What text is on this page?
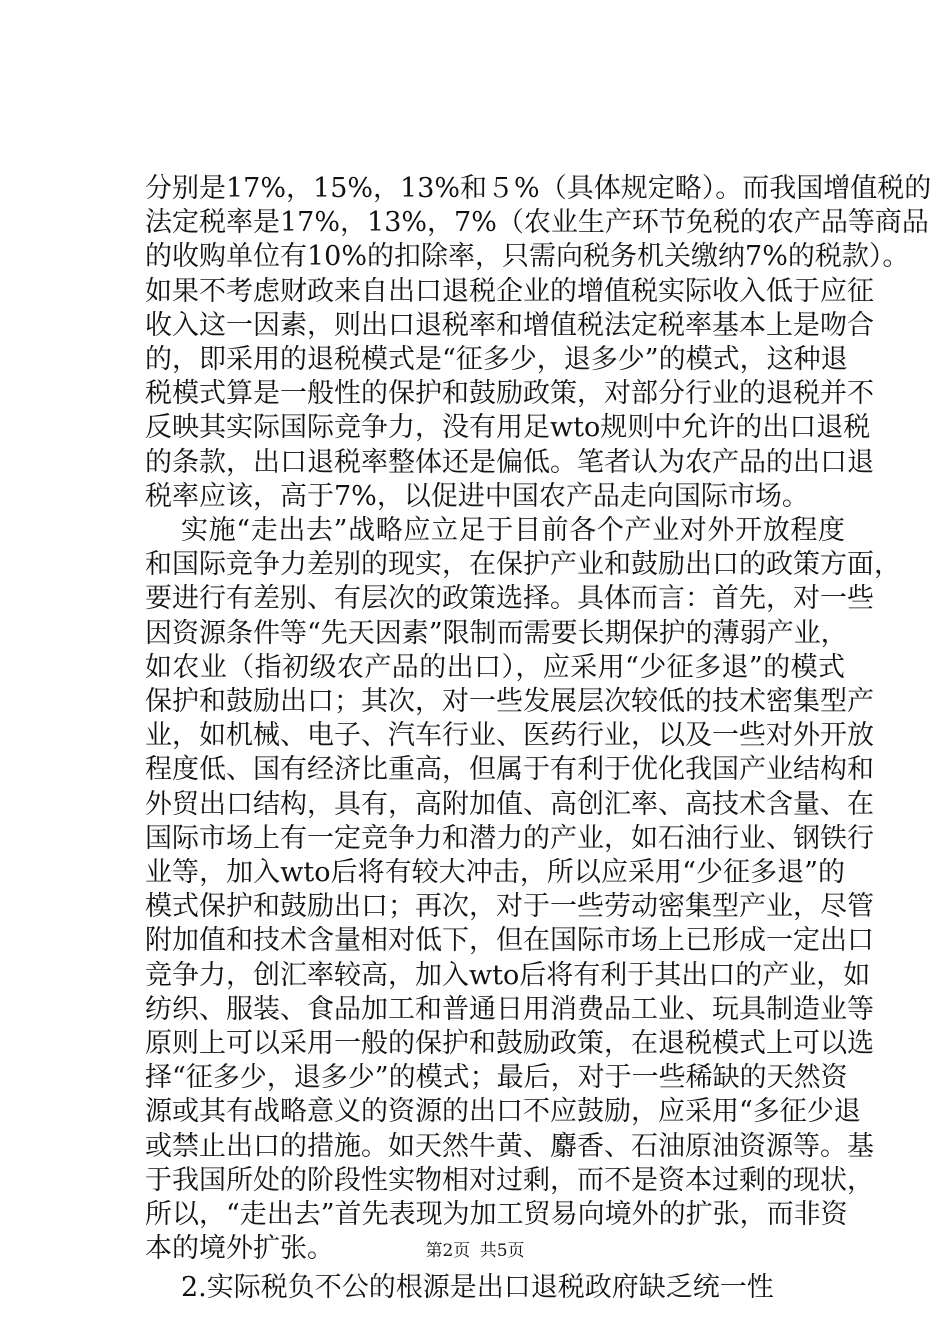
分别是17%，15%，13%和５%（具体规定略）。而我国增值税的
法定税率是17%，13%，7%（农业生产环节免税的农产品等商品
的收购单位有10%的扣除率，只需向税务机关缴纳7%的税款）。
如果不考虑财政来自出口退税企业的增值税实际收入低于应征
收入这一因素，则出口退税率和增值税法定税率基本上是吻合
的，即采用的退税模式是“征多少，退多少”的模式，这种退
税模式算是一般性的保护和鼓励政策，对部分行业的退税并不
反映其实际国际竞争力，没有用足wto规则中允许的出口退税
的条款，出口退税率整体还是偏低。笔者认为农产品的出口退
税率应该，高于7%，以促进中国农产品走向国际市场。
实施“走出去”战略应立足于目前各个产业对外开放程度
和国际竞争力差别的现实，在保护产业和鼓励出口的政策方面，
要进行有差别、有层次的政策选择。具体而言：首先，对一些
因资源条件等“先天因素”限制而需要长期保护的薄弱产业，
如农业（指初级农产品的出口），应采用“少征多退”的模式
保护和鼓励出口；其次，对一些发展层次较低的技术密集型产
业，如机械、电子、汽车行业、医药行业，以及一些对外开放
程度低、国有经济比重高，但属于有利于优化我国产业结构和
外贸出口结构，具有，高附加值、高创汇率、高技术含量、在
国际市场上有一定竞争力和潜力的产业，如石油行业、钢铁行
业等，加入wto后将有较大冲击，所以应采用“少征多退”的
模式保护和鼓励出口；再次，对于一些劳动密集型产业，尽管
附加值和技术含量相对低下，但在国际市场上已形成一定出口
竞争力，创汇率较高，加入wto后将有利于其出口的产业，如
纺织、服装、食品加工和普通日用消费品工业、玩具制造业等
原则上可以采用一般的保护和鼓励政策，在退税模式上可以选
择“征多少，退多少”的模式；最后，对于一些稀缺的天然资
源或其有战略意义的资源的出口不应鼓励，应采用“多征少退
或禁止出口的措施。如天然牛黄、麝香、石油原油资源等。基
于我国所处的阶段性实物相对过剩，而不是资本过剩的现状，
所以，“走出去”首先表现为加工贸易向境外的扩张，而非资
本的境外扩张。
2.实际税负不公的根源是出口退税政府缺乏统一性
第2页 共5页
